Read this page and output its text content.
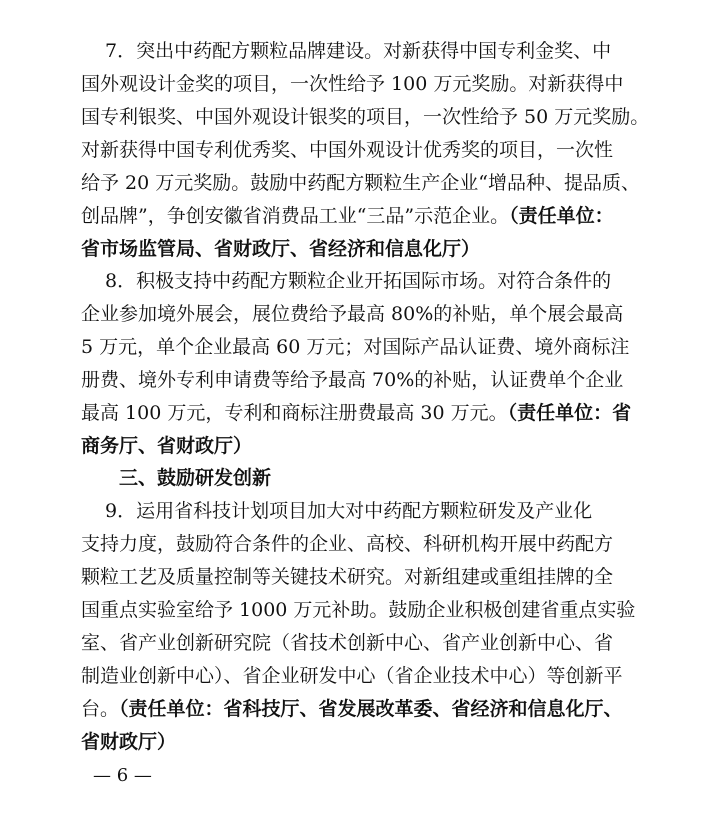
7．突出中药配方颗粒品牌建设。对新获得中国专利金奖、中
国外观设计金奖的项目，一次性给予 100 万元奖励。对新获得中
国专利银奖、中国外观设计银奖的项目，一次性给予 50 万元奖励。
对新获得中国专利优秀奖、中国外观设计优秀奖的项目，一次性
给予 20 万元奖励。鼓励中药配方颗粒生产企业“增品种、提品质、
创品牌”，争创安徽省消费品工业“三品”示范企业。（责任单位：
省市场监管局、省财政厅、省经济和信息化厅）
8．积极支持中药配方颗粒企业开拓国际市场。对符合条件的
企业参加境外展会，展位费给予最高 80%的补贴，单个展会最高
5 万元，单个企业最高 60 万元；对国际产品认证费、境外商标注
册费、境外专利申请费等给予最高 70%的补贴，认证费单个企业
最高 100 万元，专利和商标注册费最高 30 万元。（责任单位：省
商务厅、省财政厅）
三、鼓励研发创新
9．运用省科技计划项目加大对中药配方颗粒研发及产业化
支持力度，鼓励符合条件的企业、高校、科研机构开展中药配方
颗粒工艺及质量控制等关键技术研究。对新组建或重组挂牌的全
国重点实验室给予 1000 万元补助。鼓励企业积极创建省重点实验
室、省产业创新研究院（省技术创新中心、省产业创新中心、省
制造业创新中心）、省企业研发中心（省企业技术中心）等创新平
台。（责任单位：省科技厅、省发展改革委、省经济和信息化厅、
省财政厅）
— 6 —
